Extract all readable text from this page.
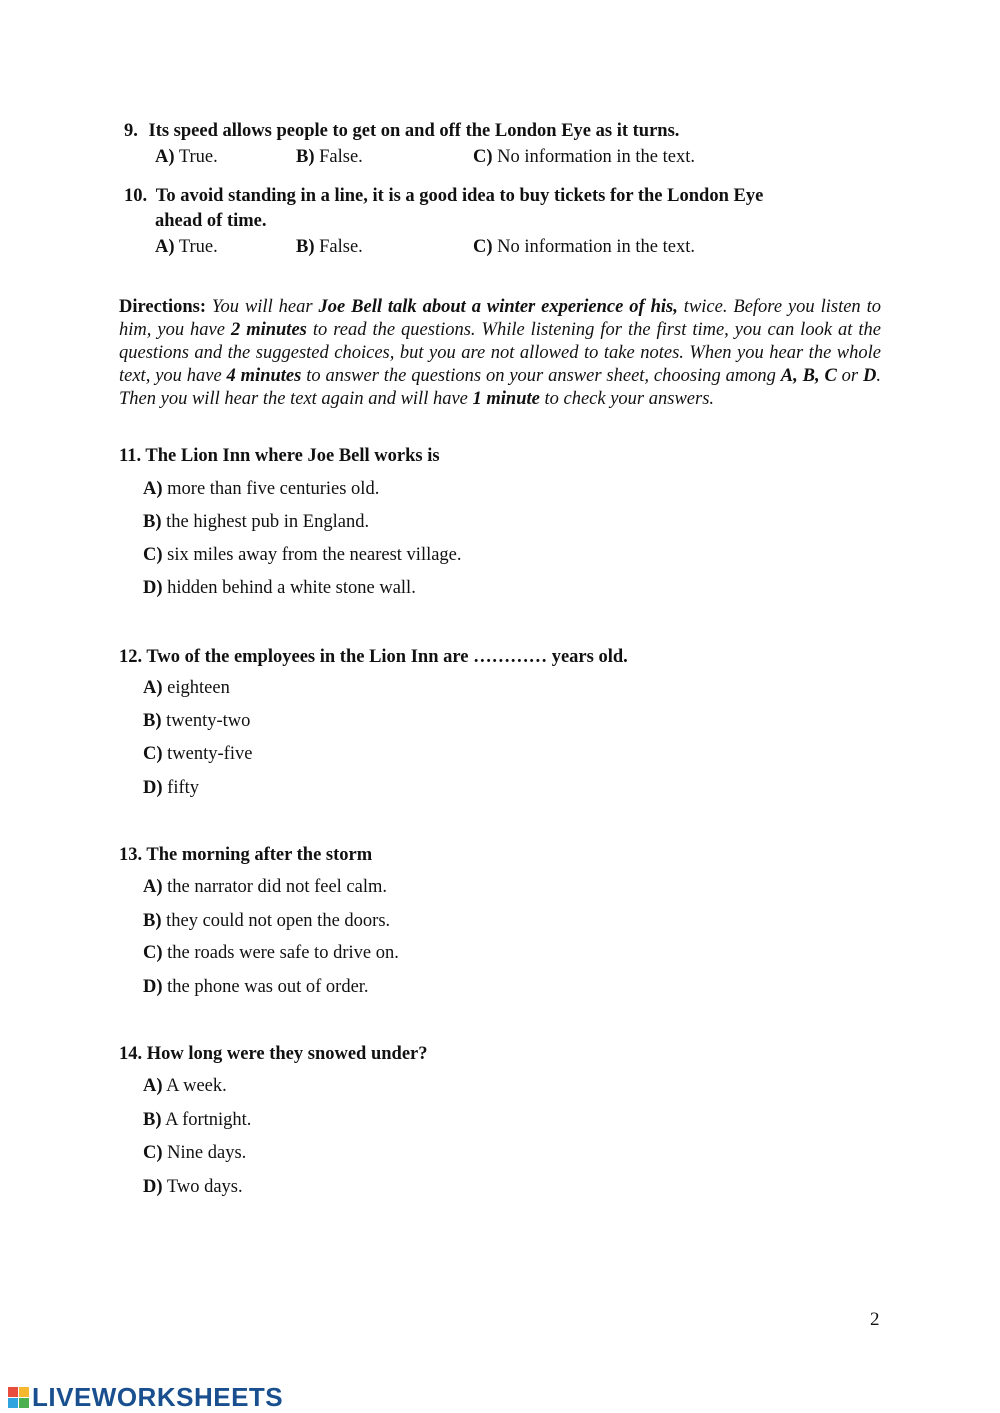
9. Its speed allows people to get on and off the London Eye as it turns.
A) True.	B) False.	C) No information in the text.
10. To avoid standing in a line, it is a good idea to buy tickets for the London Eye
ahead of time.
A) True.	B) False.	C) No information in the text.
Directions: You will hear Joe Bell talk about a winter experience of his, twice. Before you listen to him, you have 2 minutes to read the questions. While listening for the first time, you can look at the questions and the suggested choices, but you are not allowed to take notes. When you hear the whole text, you have 4 minutes to answer the questions on your answer sheet, choosing among A, B, C or D. Then you will hear the text again and will have 1 minute to check your answers.
11. The Lion Inn where Joe Bell works is
A) more than five centuries old.
B) the highest pub in England.
C) six miles away from the nearest village.
D) hidden behind a white stone wall.
12. Two of the employees in the Lion Inn are ………… years old.
A) eighteen
B) twenty-two
C) twenty-five
D) fifty
13. The morning after the storm
A) the narrator did not feel calm.
B) they could not open the doors.
C) the roads were safe to drive on.
D) the phone was out of order.
14. How long were they snowed under?
A) A week.
B) A fortnight.
C) Nine days.
D) Two days.
2
LIVEWORKSHEETS
